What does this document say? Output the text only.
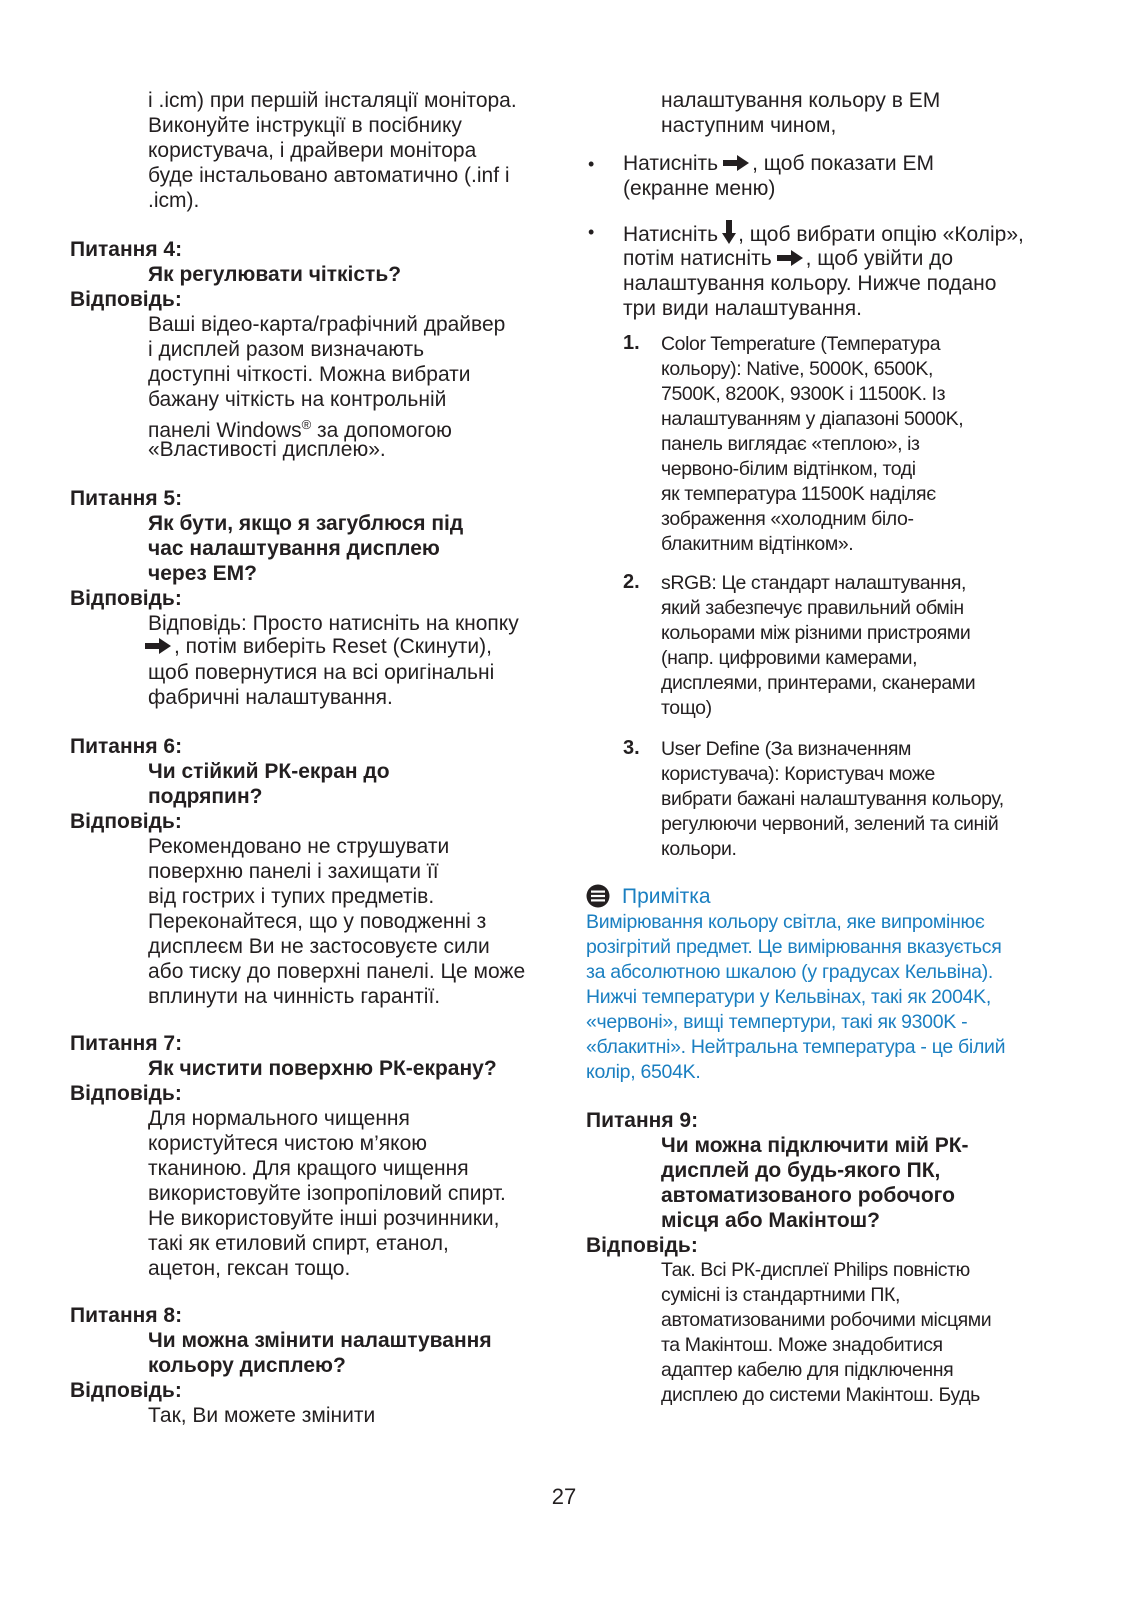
і .icm) при першій інсталяції монітора.
Виконуйте інструкції в посібнику
користувача, і драйвери монітора
буде інстальовано автоматично (.inf і
.icm).
Питання 4:
Як регулювати чіткість?
Відповідь:
Ваші відео-карта/графічний драйвер
і дисплей разом визначають
доступні чіткості. Можна вибрати
бажану чіткість на контрольній
панелі Windows® за допомогою
«Властивості дисплею».
Питання 5:
Як бути, якщо я загублюся під
час налаштування дисплею
через ЕМ?
Відповідь:
Відповідь: Просто натисніть на кнопку
, потім виберіть Reset (Скинути),
щоб повернутися на всі оригінальні
фабричні налаштування.
Питання 6:
Чи стійкий РК-екран до
подряпин?
Відповідь:
Рекомендовано не струшувати
поверхню панелі і захищати її
від гострих і тупих предметів.
Переконайтеся, що у поводженні з
дисплеєм Ви не застосовуєте сили
або тиску до поверхні панелі. Це може
вплинути на чинність гарантії.
Питання 7:
Як чистити поверхню РК-екрану?
Відповідь:
Для нормального чищення
користуйтеся чистою м’якою
тканиною. Для кращого чищення
використовуйте ізопропіловий спирт.
Не використовуйте інші розчинники,
такі як етиловий спирт, етанол,
ацетон, гексан тощо.
Питання 8:
Чи можна змінити налаштування
кольору дисплею?
Відповідь:
Так, Ви можете змінити
налаштування кольору в ЕМ
наступним чином,
• Натисніть , щоб показати ЕМ
(екранне меню)
• Натисніть , щоб вибрати опцію «Колір»,
потім натисніть , щоб увійти до
налаштування кольору. Нижче подано
три види налаштування.
1. Color Temperature (Температура
кольору): Native, 5000K, 6500K,
7500K, 8200K, 9300K і 11500K. Із
налаштуванням у діапазоні 5000K,
панель виглядає «теплою», із
червоно-білим відтінком, тоді
як температура 11500K наділяє
зображення «холодним біло-
блакитним відтінком».
2. sRGB: Це стандарт налаштування,
який забезпечує правильний обмін
кольорами між різними пристроями
(напр. цифровими камерами,
дисплеями, принтерами, сканерами
тощо)
3. User Define (За визначенням
користувача): Користувач може
вибрати бажані налаштування кольору,
регулюючи червоний, зелений та синій
кольори.
Примітка
Вимірювання кольору світла, яке випромінює
розігрітий предмет. Це вимірювання вказується
за абсолютною шкалою (у градусах Кельвіна).
Нижчі температури у Кельвінах, такі як 2004K,
«червоні», вищі темпертури, такі як 9300K -
«блакитні». Нейтральна температура - це білий
колір, 6504K.
Питання 9:
Чи можна підключити мій РК-
дисплей до будь-якого ПК,
автоматизованого робочого
місця або Макінтош?
Відповідь:
Так. Всі РК-дисплеї Philips повністю
сумісні із стандартними ПК,
автоматизованими робочими місцями
та Макінтош. Може знадобитися
адаптер кабелю для підключення
дисплею до системи Макінтош. Будь
27
